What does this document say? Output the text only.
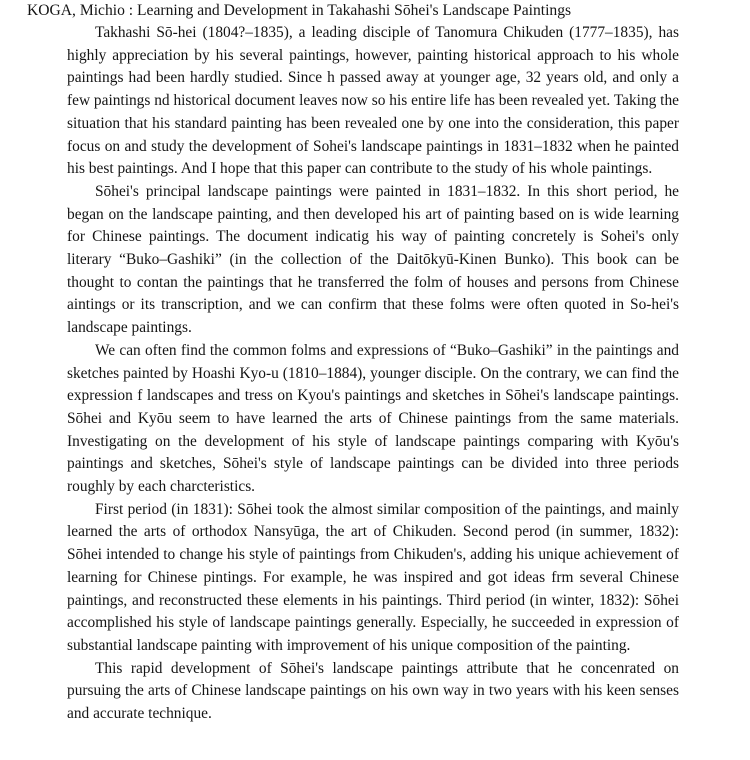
KOGA, Michio : Learning and Development in Takahashi Sōhei's Landscape Paintings

Takhashi Sō-hei (1804?–1835), a leading disciple of Tanomura Chikuden (1777–1835), has highly appreciation by his several paintings, however, painting historical approach to his whole paintings had been hardly studied. Since h passed away at younger age, 32 years old, and only a few paintings nd historical document leaves now so his entire life has been revealed yet. Taking the situation that his standard painting has been revealed one by one into the consideration, this paper focus on and study the development of Sohei's landscape paintings in 1831–1832 when he painted his best paintings. And I hope that this paper can contribute to the study of his whole paintings.

Sōhei's principal landscape paintings were painted in 1831–1832. In this short period, he began on the landscape painting, and then developed his art of painting based on is wide learning for Chinese paintings. The document indicatig his way of painting concretely is Sohei's only literary “Buko–Gashiki” (in the collection of the Daitōkyū-Kinen Bunko). This book can be thought to contan the paintings that he transferred the folm of houses and persons from Chinese aintings or its transcription, and we can confirm that these folms were often quoted in So-hei's landscape paintings.

We can often find the common folms and expressions of “Buko–Gashiki” in the paintings and sketches painted by Hoashi Kyo-u (1810–1884), younger disciple. On the contrary, we can find the expression f landscapes and tress on Kyou's paintings and sketches in Sōhei's landscape paintings. Sōhei and Kyōu seem to have learned the arts of Chinese paintings from the same materials. Investigating on the development of his style of landscape paintings comparing with Kyōu's paintings and sketches, Sōhei's style of landscape paintings can be divided into three periods roughly by each charcteristics.

First period (in 1831): Sōhei took the almost similar composition of the paintings, and mainly learned the arts of orthodox Nansyūga, the art of Chikuden. Second perod (in summer, 1832): Sōhei intended to change his style of paintings from Chikuden's, adding his unique achievement of learning for Chinese pintings. For example, he was inspired and got ideas frm several Chinese paintings, and reconstructed these elements in his paintings. Third period (in winter, 1832): Sōhei accomplished his style of landscape paintings generally. Especially, he succeeded in expression of substantial landscape painting with improvement of his unique composition of the painting.

This rapid development of Sōhei's landscape paintings attribute that he concenrated on pursuing the arts of Chinese landscape paintings on his own way in two years with his keen senses and accurate technique.
